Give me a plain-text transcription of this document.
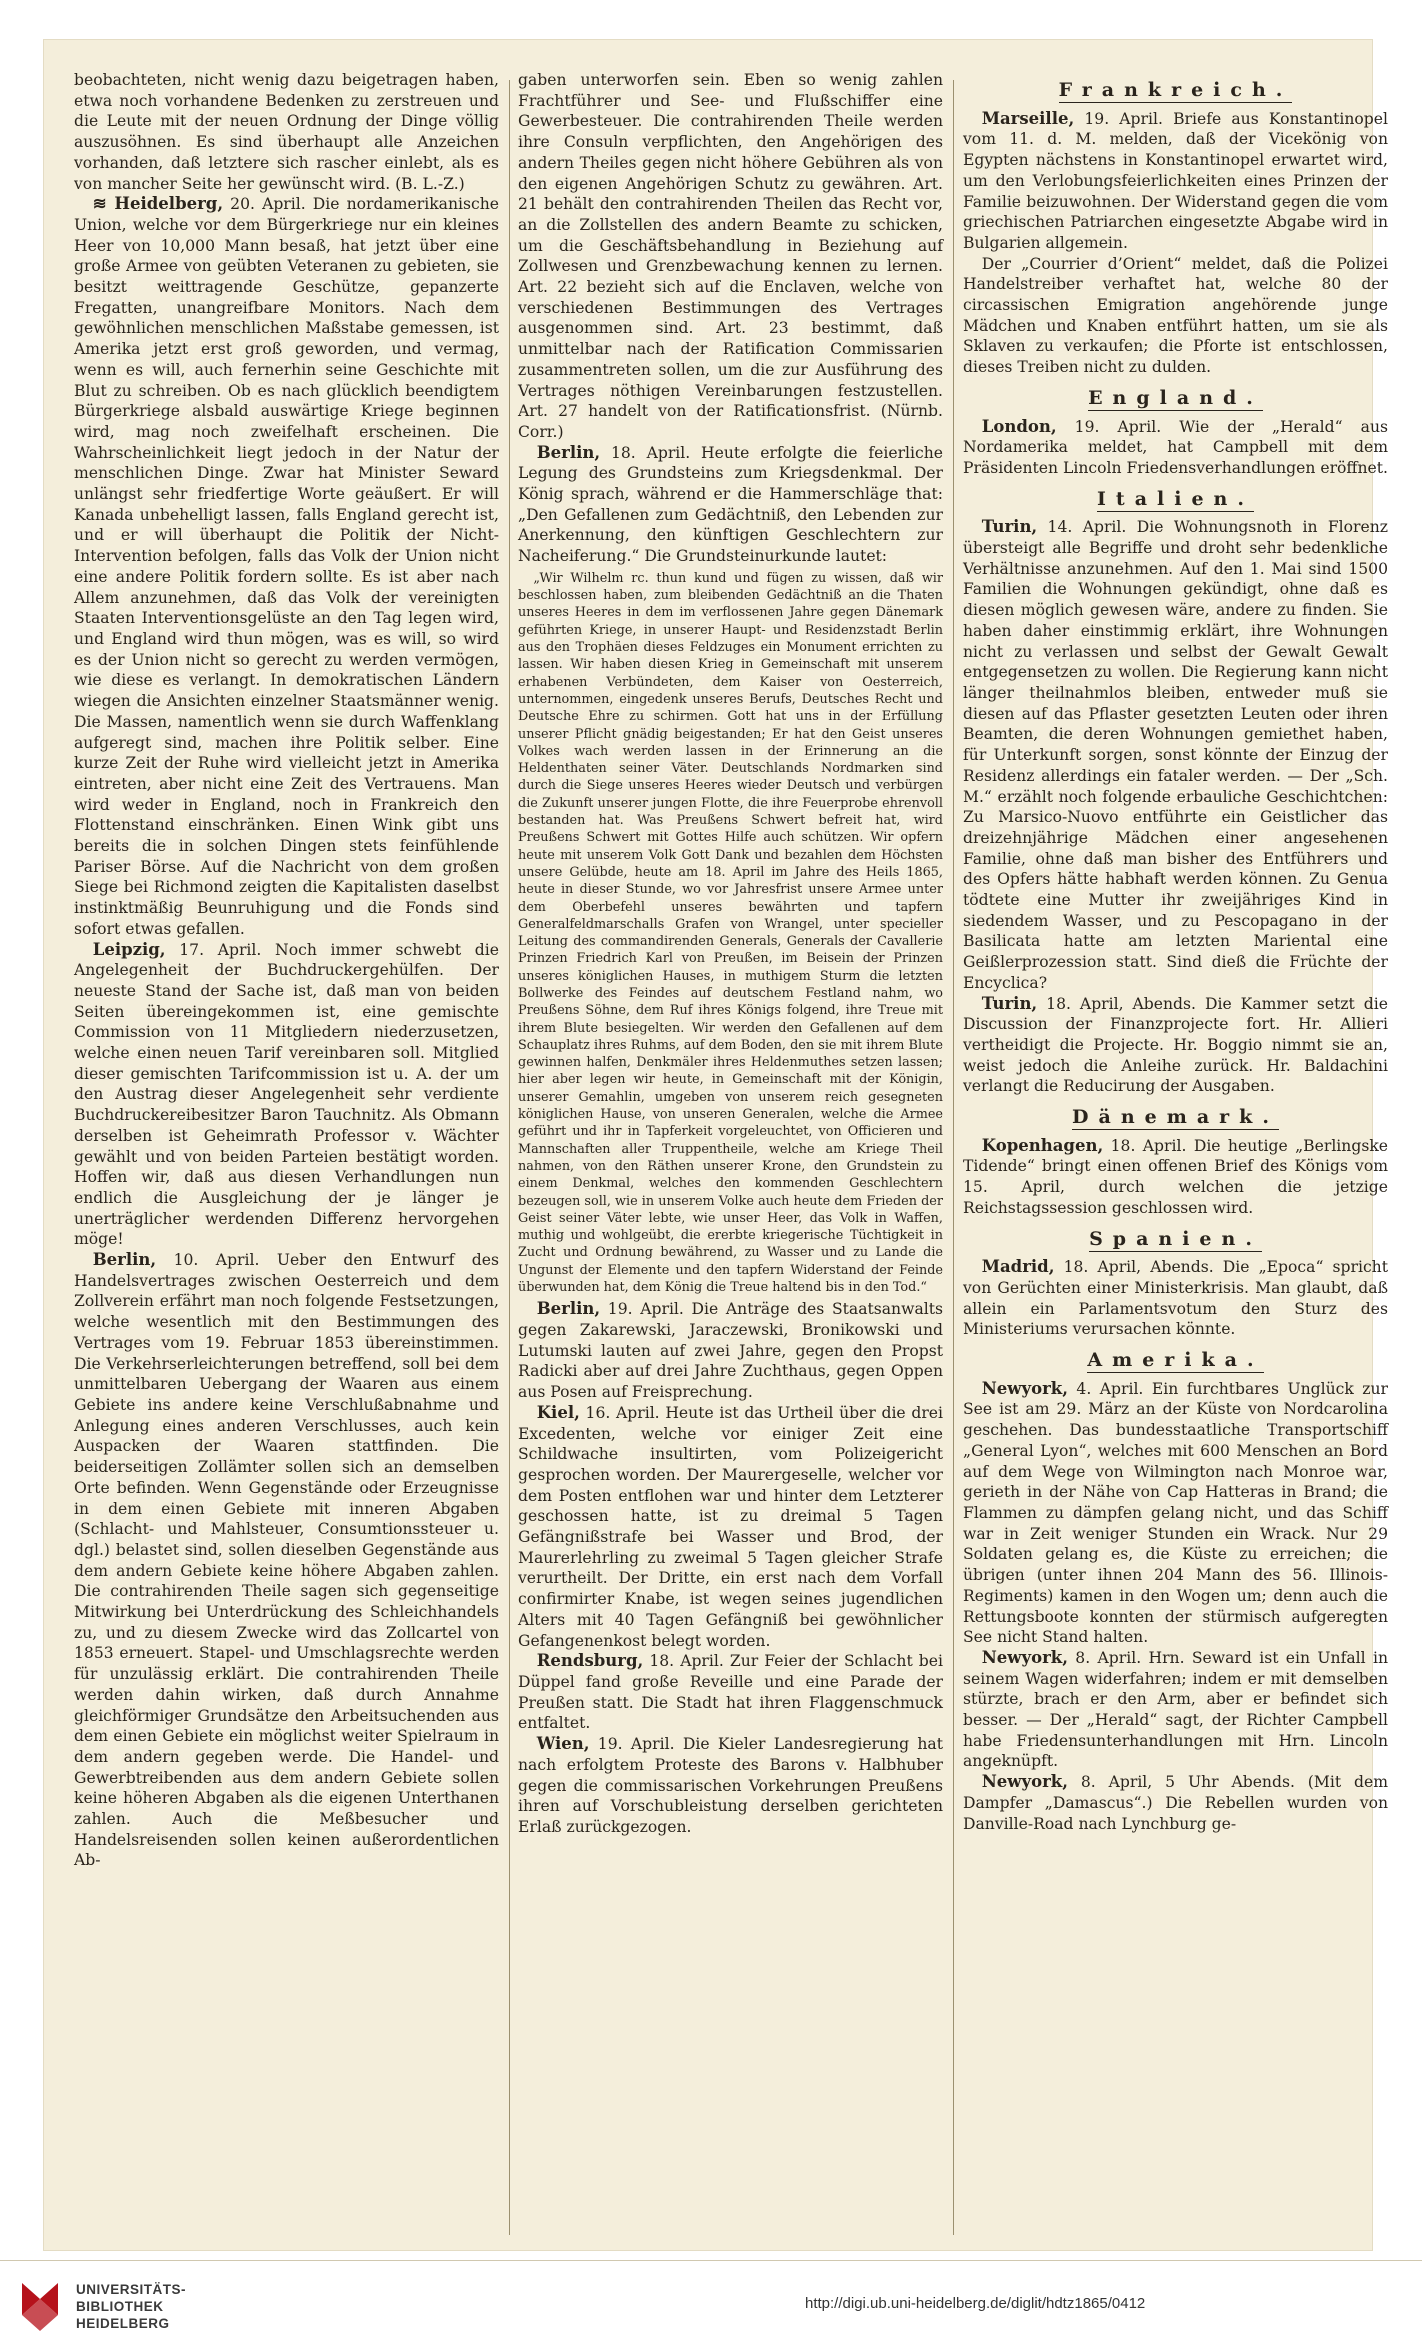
beobachteten, nicht wenig dazu beigetragen haben, etwa noch vorhandene Bedenken zu zerstreuen und die Leute mit der neuen Ordnung der Dinge völlig auszusöhnen. Es sind überhaupt alle Anzeichen vorhanden, daß letztere sich rascher einlebt, als es von mancher Seite her gewünscht wird. (B. L.-Z.)

≋ Heidelberg, 20. April. Die nordamerikanische Union, welche vor dem Bürgerkriege nur ein kleines Heer von 10,000 Mann besaß, hat jetzt über eine große Armee von geübten Veteranen zu gebieten, sie besitzt weittragende Geschütze, gepanzerte Fregatten, unangreifbare Monitors. Nach dem gewöhnlichen menschlichen Maßstabe gemessen, ist Amerika jetzt erst groß geworden, und vermag, wenn es will, auch fernerhin seine Geschichte mit Blut zu schreiben. Ob es nach glücklich beendigtem Bürgerkriege alsbald auswärtige Kriege beginnen wird, mag noch zweifelhaft erscheinen. Die Wahrscheinlichkeit liegt jedoch in der Natur der menschlichen Dinge. Zwar hat Minister Seward unlängst sehr friedfertige Worte geäußert. Er will Kanada unbehelligt lassen, falls England gerecht ist, und er will überhaupt die Politik der Nicht-Intervention befolgen, falls das Volk der Union nicht eine andere Politik fordern sollte. Es ist aber nach Allem anzunehmen, daß das Volk der vereinigten Staaten Interventionsgelüste an den Tag legen wird, und England wird thun mögen, was es will, so wird es der Union nicht so gerecht zu werden vermögen, wie diese es verlangt. In demokratischen Ländern wiegen die Ansichten einzelner Staatsmänner wenig. Die Massen, namentlich wenn sie durch Waffenklang aufgeregt sind, machen ihre Politik selber. Eine kurze Zeit der Ruhe wird vielleicht jetzt in Amerika eintreten, aber nicht eine Zeit des Vertrauens. Man wird weder in England, noch in Frankreich den Flottenstand einschränken. Einen Wink gibt uns bereits die in solchen Dingen stets feinfühlende Pariser Börse. Auf die Nachricht von dem großen Siege bei Richmond zeigten die Kapitalisten daselbst instinktmäßig Beunruhigung und die Fonds sind sofort etwas gefallen.

Leipzig, 17. April. Noch immer schwebt die Angelegenheit der Buchdruckergehülfen. Der neueste Stand der Sache ist, daß man von beiden Seiten übereingekommen ist, eine gemischte Commission von 11 Mitgliedern niederzusetzen, welche einen neuen Tarif vereinbaren soll. Mitglied dieser gemischten Tarifcommission ist u. A. der um den Austrag dieser Angelegenheit sehr verdiente Buchdruckereibesitzer Baron Tauchnitz. Als Obmann derselben ist Geheimrath Professor v. Wächter gewählt und von beiden Parteien bestätigt worden. Hoffen wir, daß aus diesen Verhandlungen nun endlich die Ausgleichung der je länger je unerträglicher werdenden Differenz hervorgehen möge!

Berlin, 10. April. Ueber den Entwurf des Handelsvertrages zwischen Oesterreich und dem Zollverein erfährt man noch folgende Festsetzungen, welche wesentlich mit den Bestimmungen des Vertrages vom 19. Februar 1853 übereinstimmen. Die Verkehrserleichterungen betreffend, soll bei dem unmittelbaren Uebergang der Waaren aus einem Gebiete ins andere keine Verschlußabnahme und Anlegung eines anderen Verschlusses, auch kein Auspacken der Waaren stattfinden. Die beiderseitigen Zollämter sollen sich an demselben Orte befinden. Wenn Gegenstände oder Erzeugnisse in dem einen Gebiete mit inneren Abgaben (Schlacht- und Mahlsteuer, Consumtionssteuer u. dgl.) belastet sind, sollen dieselben Gegenstände aus dem andern Gebiete keine höhere Abgaben zahlen. Die contrahirenden Theile sagen sich gegenseitige Mitwirkung bei Unterdrückung des Schleichhandels zu, und zu diesem Zwecke wird das Zollcartel von 1853 erneuert. Stapel- und Umschlagsrechte werden für unzulässig erklärt. Die contrahirenden Theile werden dahin wirken, daß durch Annahme gleichförmiger Grundsätze den Arbeitsuchenden aus dem einen Gebiete ein möglichst weiter Spielraum in dem andern gegeben werde. Die Handel- und Gewerbtreibenden aus dem andern Gebiete sollen keine höheren Abgaben als die eigenen Unterthanen zahlen. Auch die Meßbesucher und Handelsreisenden sollen keinen außerordentlichen Ab-

gaben unterworfen sein. Eben so wenig zahlen Frachtführer und See- und Flußschiffer eine Gewerbesteuer. Die contrahirenden Theile werden ihre Consuln verpflichten, den Angehörigen des andern Theiles gegen nicht höhere Gebühren als von den eigenen Angehörigen Schutz zu gewähren. Art. 21 behält den contrahirenden Theilen das Recht vor, an die Zollstellen des andern Beamte zu schicken, um die Geschäftsbehandlung in Beziehung auf Zollwesen und Grenzbewachung kennen zu lernen. Art. 22 bezieht sich auf die Enclaven, welche von verschiedenen Bestimmungen des Vertrages ausgenommen sind. Art. 23 bestimmt, daß unmittelbar nach der Ratification Commissarien zusammentreten sollen, um die zur Ausführung des Vertrages nöthigen Vereinbarungen festzustellen. Art. 27 handelt von der Ratificationsfrist. (Nürnb. Corr.)

Berlin, 18. April. Heute erfolgte die feierliche Legung des Grundsteins zum Kriegsdenkmal. Der König sprach, während er die Hammerschläge that: „Den Gefallenen zum Gedächtniß, den Lebenden zur Anerkennung, den künftigen Geschlechtern zur Nacheiferung.“ Die Grundsteinurkunde lautet:

„Wir Wilhelm rc. thun kund und fügen zu wissen, daß wir beschlossen haben, zum bleibenden Gedächtniß an die Thaten unseres Heeres in dem im verflossenen Jahre gegen Dänemark geführten Kriege, in unserer Haupt- und Residenzstadt Berlin aus den Trophäen dieses Feldzuges ein Monument errichten zu lassen. Wir haben diesen Krieg in Gemeinschaft mit unserem erhabenen Verbündeten, dem Kaiser von Oesterreich, unternommen, eingedenk unseres Berufs, Deutsches Recht und Deutsche Ehre zu schirmen. Gott hat uns in der Erfüllung unserer Pflicht gnädig beigestanden; Er hat den Geist unseres Volkes wach werden lassen in der Erinnerung an die Heldenthaten seiner Väter. Deutschlands Nordmarken sind durch die Siege unseres Heeres wieder Deutsch und verbürgen die Zukunft unserer jungen Flotte, die ihre Feuerprobe ehrenvoll bestanden hat. Was Preußens Schwert befreit hat, wird Preußens Schwert mit Gottes Hilfe auch schützen. Wir opfern heute mit unserem Volk Gott Dank und bezahlen dem Höchsten unsere Gelübde, heute am 18. April im Jahre des Heils 1865, heute in dieser Stunde, wo vor Jahresfrist unsere Armee unter dem Oberbefehl unseres bewährten und tapfern Generalfeldmarschalls Grafen von Wrangel, unter specieller Leitung des commandirenden Generals, Generals der Cavallerie Prinzen Friedrich Karl von Preußen, im Beisein der Prinzen unseres königlichen Hauses, in muthigem Sturm die letzten Bollwerke des Feindes auf deutschem Festland nahm, wo Preußens Söhne, dem Ruf ihres Königs folgend, ihre Treue mit ihrem Blute besiegelten. Wir werden den Gefallenen auf dem Schauplatz ihres Ruhms, auf dem Boden, den sie mit ihrem Blute gewinnen halfen, Denkmäler ihres Heldenmuthes setzen lassen; hier aber legen wir heute, in Gemeinschaft mit der Königin, unserer Gemahlin, umgeben von unserem reich gesegneten königlichen Hause, von unseren Generalen, welche die Armee geführt und ihr in Tapferkeit vorgeleuchtet, von Officieren und Mannschaften aller Truppentheile, welche am Kriege Theil nahmen, von den Räthen unserer Krone, den Grundstein zu einem Denkmal, welches den kommenden Geschlechtern bezeugen soll, wie in unserem Volke auch heute dem Frieden der Geist seiner Väter lebte, wie unser Heer, das Volk in Waffen, muthig und wohlgeübt, die ererbte kriegerische Tüchtigkeit in Zucht und Ordnung bewährend, zu Wasser und zu Lande die Ungunst der Elemente und den tapfern Widerstand der Feinde überwunden hat, dem König die Treue haltend bis in den Tod.“

Berlin, 19. April. Die Anträge des Staatsanwalts gegen Zakarewski, Jaraczewski, Bronikowski und Lutumski lauten auf zwei Jahre, gegen den Propst Radicki aber auf drei Jahre Zuchthaus, gegen Oppen aus Posen auf Freisprechung.

Kiel, 16. April. Heute ist das Urtheil über die drei Excedenten, welche vor einiger Zeit eine Schildwache insultirten, vom Polizeigericht gesprochen worden. Der Maurergeselle, welcher vor dem Posten entflohen war und hinter dem Letzterer geschossen hatte, ist zu dreimal 5 Tagen Gefängnißstrafe bei Wasser und Brod, der Maurerlehrling zu zweimal 5 Tagen gleicher Strafe verurtheilt. Der Dritte, ein erst nach dem Vorfall confirmirter Knabe, ist wegen seines jugendlichen Alters mit 40 Tagen Gefängniß bei gewöhnlicher Gefangenenkost belegt worden.

Rendsburg, 18. April. Zur Feier der Schlacht bei Düppel fand große Reveille und eine Parade der Preußen statt. Die Stadt hat ihren Flaggenschmuck entfaltet.

Wien, 19. April. Die Kieler Landesregierung hat nach erfolgtem Proteste des Barons v. Halbhuber gegen die commissarischen Vorkehrungen Preußens ihren auf Vorschubleistung derselben gerichteten Erlaß zurückgezogen.

Frankreich.

Marseille, 19. April. Briefe aus Konstantinopel vom 11. d. M. melden, daß der Vicekönig von Egypten nächstens in Konstantinopel erwartet wird, um den Verlobungsfeierlichkeiten eines Prinzen der Familie beizuwohnen. Der Widerstand gegen die vom griechischen Patriarchen eingesetzte Abgabe wird in Bulgarien allgemein.

Der „Courrier d’Orient“ meldet, daß die Polizei Handelstreiber verhaftet hat, welche 80 der circassischen Emigration angehörende junge Mädchen und Knaben entführt hatten, um sie als Sklaven zu verkaufen; die Pforte ist entschlossen, dieses Treiben nicht zu dulden.

England.

London, 19. April. Wie der „Herald“ aus Nordamerika meldet, hat Campbell mit dem Präsidenten Lincoln Friedensverhandlungen eröffnet.

Italien.

Turin, 14. April. Die Wohnungsnoth in Florenz übersteigt alle Begriffe und droht sehr bedenkliche Verhältnisse anzunehmen. Auf den 1. Mai sind 1500 Familien die Wohnungen gekündigt, ohne daß es diesen möglich gewesen wäre, andere zu finden. Sie haben daher einstimmig erklärt, ihre Wohnungen nicht zu verlassen und selbst der Gewalt Gewalt entgegensetzen zu wollen. Die Regierung kann nicht länger theilnahmlos bleiben, entweder muß sie diesen auf das Pflaster gesetzten Leuten oder ihren Beamten, die deren Wohnungen gemiethet haben, für Unterkunft sorgen, sonst könnte der Einzug der Residenz allerdings ein fataler werden. — Der „Sch. M.“ erzählt noch folgende erbauliche Geschichtchen: Zu Marsico-Nuovo entführte ein Geistlicher das dreizehnjährige Mädchen einer angesehenen Familie, ohne daß man bisher des Entführers und des Opfers hätte habhaft werden können. Zu Genua tödtete eine Mutter ihr zweijähriges Kind in siedendem Wasser, und zu Pescopagano in der Basilicata hatte am letzten Mariental eine Geißlerprozession statt. Sind dieß die Früchte der Encyclica?

Turin, 18. April, Abends. Die Kammer setzt die Discussion der Finanzprojecte fort. Hr. Allieri vertheidigt die Projecte. Hr. Boggio nimmt sie an, weist jedoch die Anleihe zurück. Hr. Baldachini verlangt die Reducirung der Ausgaben.

Dänemark.

Kopenhagen, 18. April. Die heutige „Berlingske Tidende“ bringt einen offenen Brief des Königs vom 15. April, durch welchen die jetzige Reichstagssession geschlossen wird.

Spanien.

Madrid, 18. April, Abends. Die „Epoca“ spricht von Gerüchten einer Ministerkrisis. Man glaubt, daß allein ein Parlamentsvotum den Sturz des Ministeriums verursachen könnte.

Amerika.

Newyork, 4. April. Ein furchtbares Unglück zur See ist am 29. März an der Küste von Nordcarolina geschehen. Das bundesstaatliche Transportschiff „General Lyon“, welches mit 600 Menschen an Bord auf dem Wege von Wilmington nach Monroe war, gerieth in der Nähe von Cap Hatteras in Brand; die Flammen zu dämpfen gelang nicht, und das Schiff war in Zeit weniger Stunden ein Wrack. Nur 29 Soldaten gelang es, die Küste zu erreichen; die übrigen (unter ihnen 204 Mann des 56. Illinois-Regiments) kamen in den Wogen um; denn auch die Rettungsboote konnten der stürmisch aufgeregten See nicht Stand halten.

Newyork, 8. April. Hrn. Seward ist ein Unfall in seinem Wagen widerfahren; indem er mit demselben stürzte, brach er den Arm, aber er befindet sich besser. — Der „Herald“ sagt, der Richter Campbell habe Friedensunterhandlungen mit Hrn. Lincoln angeknüpft.

Newyork, 8. April, 5 Uhr Abends. (Mit dem Dampfer „Damascus“.) Die Rebellen wurden von Danville-Road nach Lynchburg ge-

UNIVERSITÄTS-
BIBLIOTHEK
HEIDELBERG
http://digi.ub.uni-heidelberg.de/diglit/hdtz1865/0412
